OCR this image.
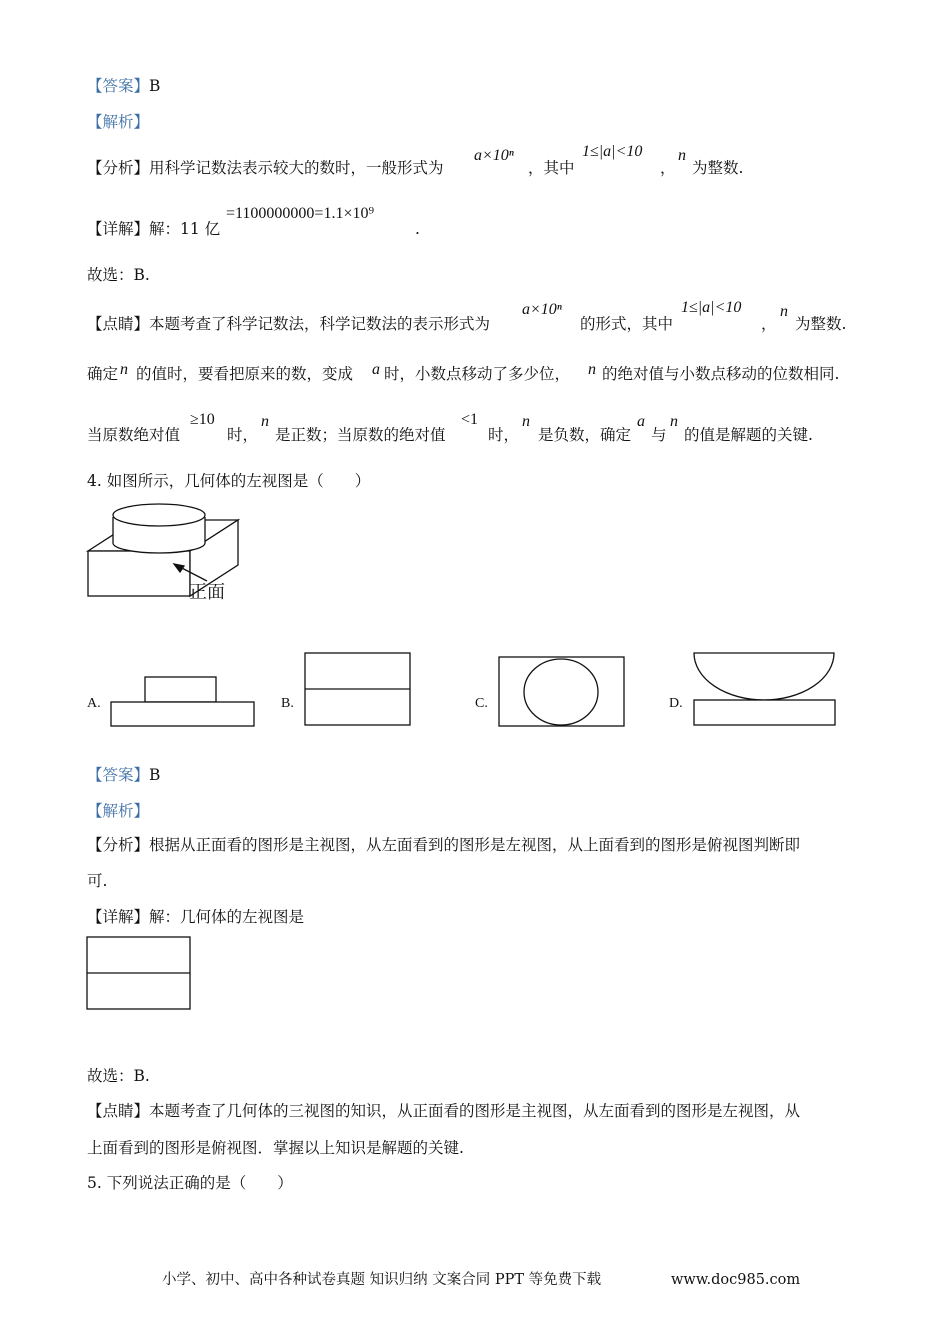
【答案】B
【解析】
【分析】用科学记数法表示较大的数时，一般形式为
a×10ⁿ
，其中
1≤|a|<10
，
n
为整数.
【详解】解：11 亿
=1100000000=1.1×10⁹
.
故选：B.
【点睛】本题考查了科学记数法，科学记数法的表示形式为
a×10ⁿ
的形式，其中
1≤|a|<10
，
n
为整数.
确定 n 的值时，要看把原来的数，变成 a 时，小数点移动了多少位， n 的绝对值与小数点移动的位数相同.
当原数绝对值
≥10
时，
n
是正数；当原数的绝对值
<1
时，
n
是负数，确定
a
与
n
的值是解题的关键.
4. 如图所示，几何体的左视图是（　　）
正面
A.	B.	C.	D.
【答案】B
【解析】
【分析】根据从正面看的图形是主视图，从左面看到的图形是左视图，从上面看到的图形是俯视图判断即
可.
【详解】解：几何体的左视图是
故选：B.
【点睛】本题考查了几何体的三视图的知识，从正面看的图形是主视图，从左面看到的图形是左视图，从
上面看到的图形是俯视图．掌握以上知识是解题的关键.
5. 下列说法正确的是（　　）
小学、初中、高中各种试卷真题 知识归纳 文案合同 PPT 等免费下载	www.doc985.com
